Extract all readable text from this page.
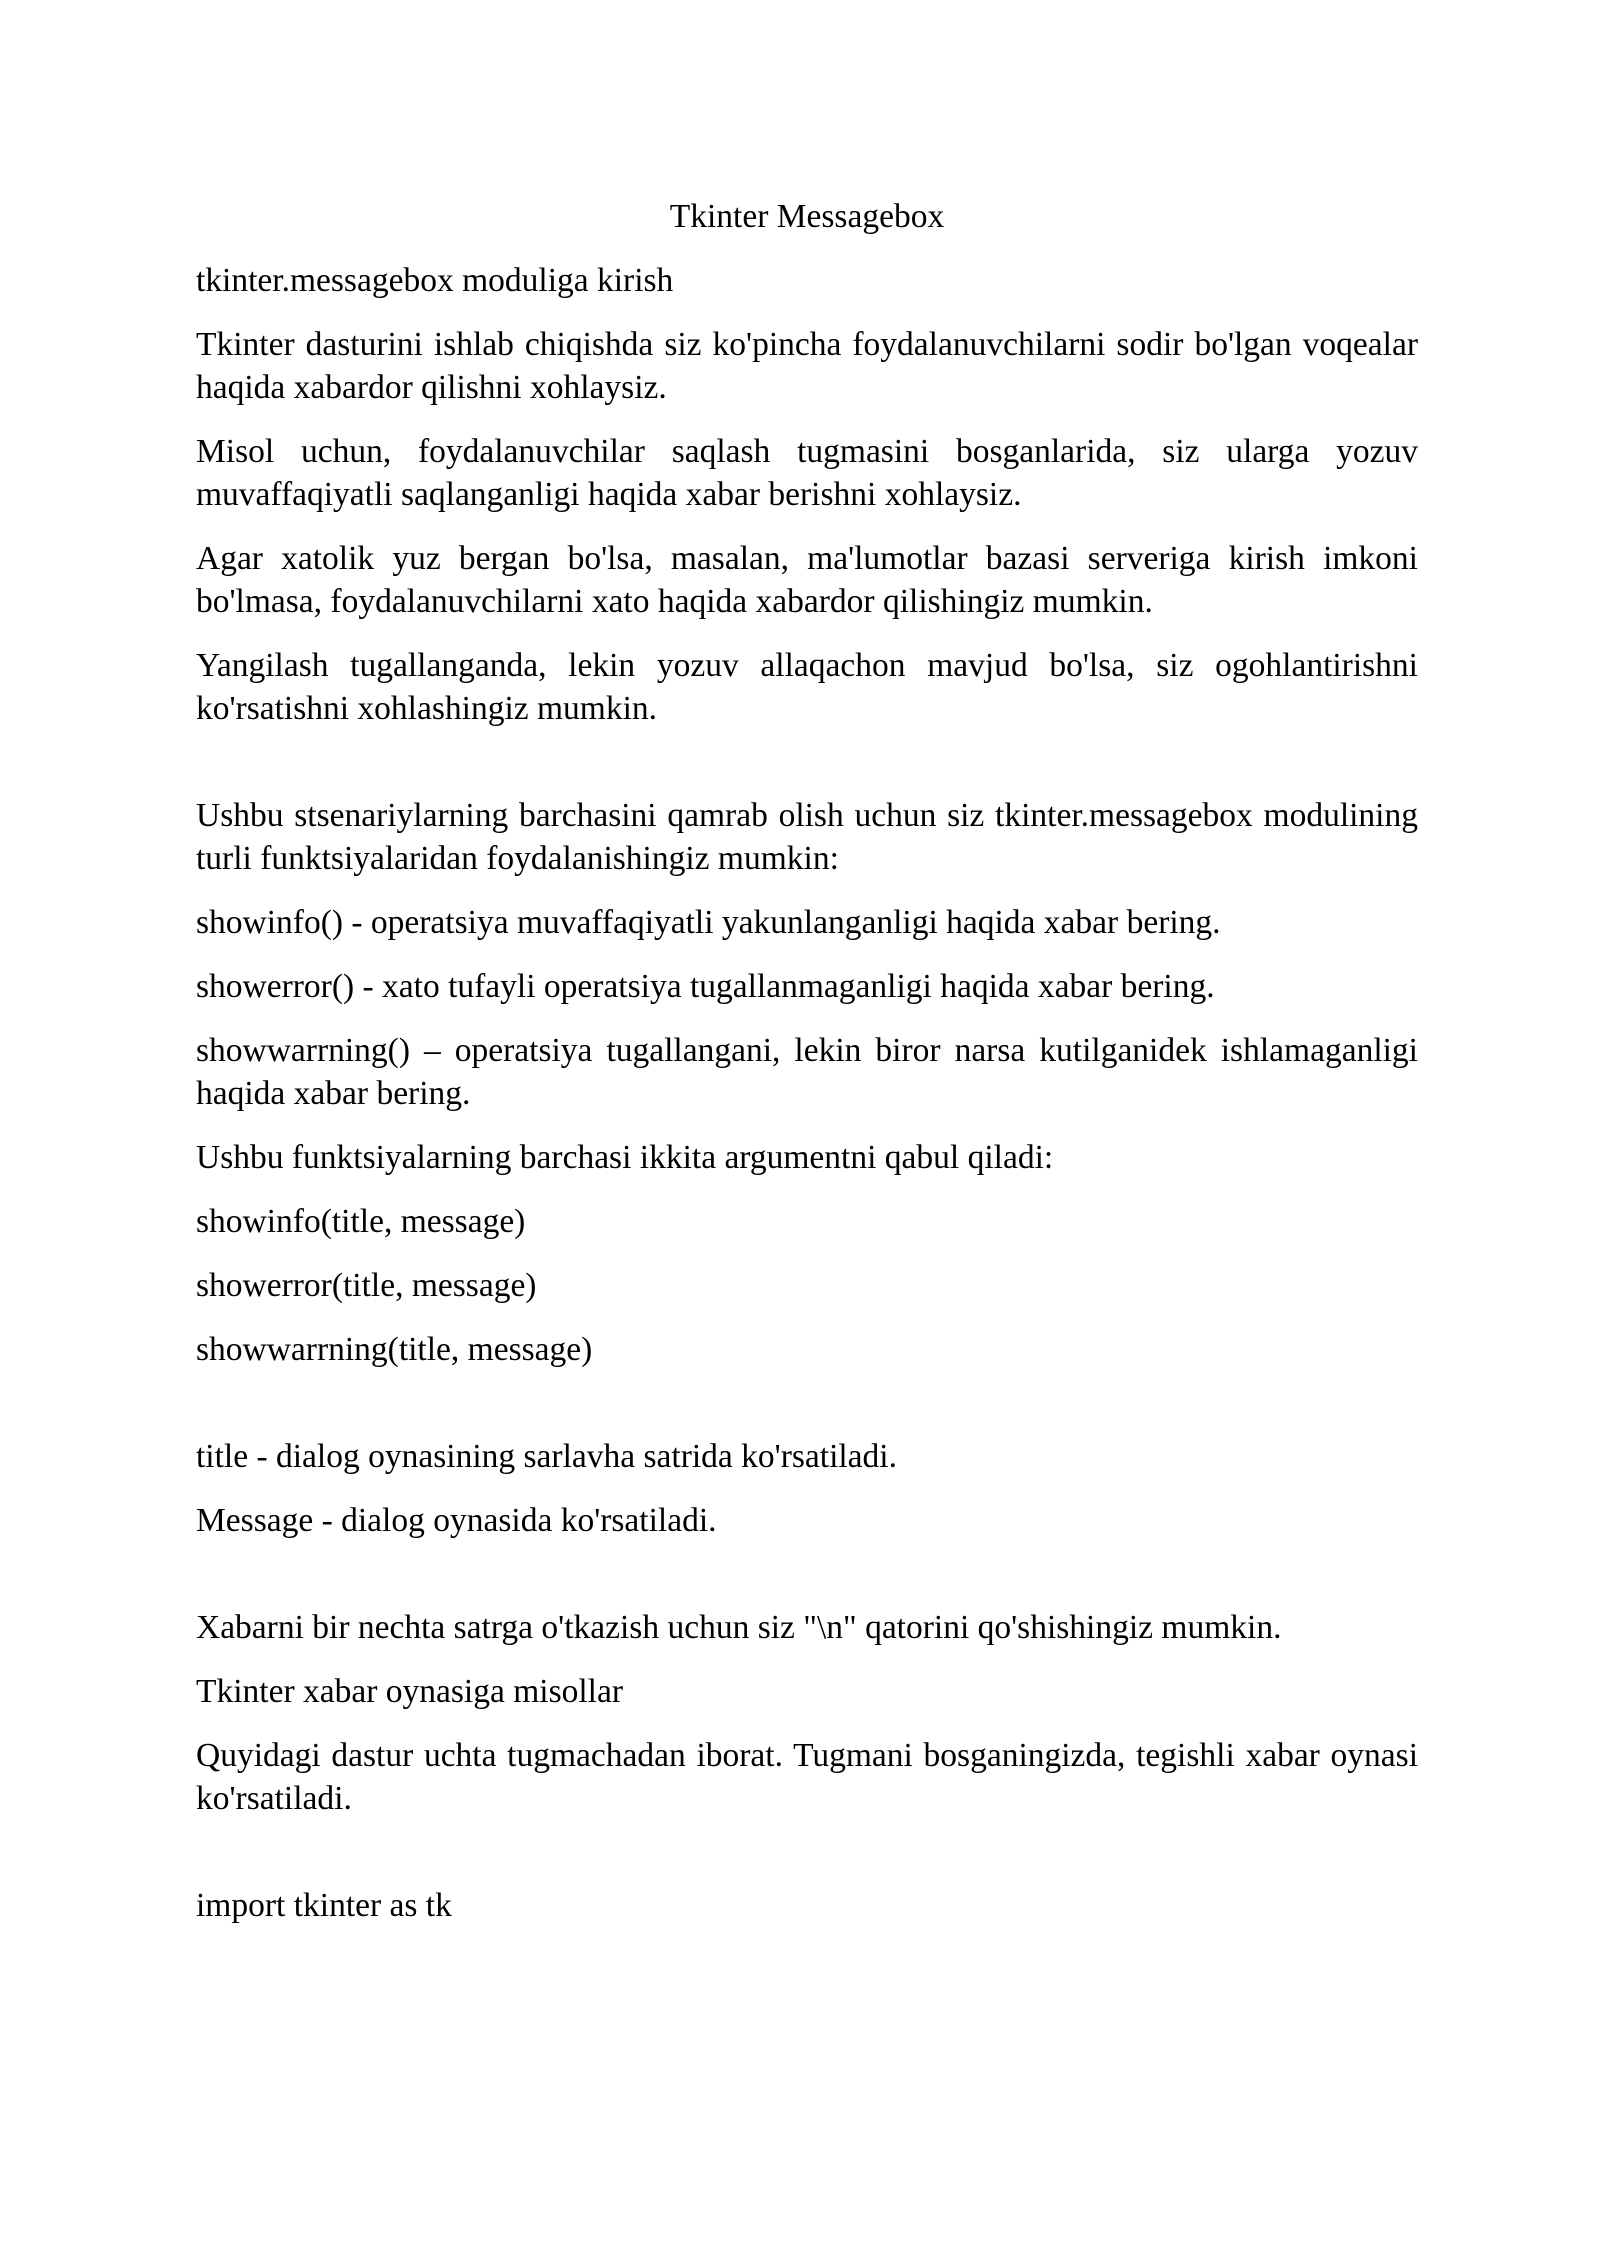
Tkinter Messagebox
tkinter.messagebox moduliga kirish
Tkinter dasturini ishlab chiqishda siz ko'pincha foydalanuvchilarni sodir bo'lgan voqealar haqida xabardor qilishni xohlaysiz.
Misol uchun, foydalanuvchilar saqlash tugmasini bosganlarida, siz ularga yozuv muvaffaqiyatli saqlanganligi haqida xabar berishni xohlaysiz.
Agar xatolik yuz bergan bo'lsa, masalan, ma'lumotlar bazasi serveriga kirish imkoni bo'lmasa, foydalanuvchilarni xato haqida xabardor qilishingiz mumkin.
Yangilash tugallanganda, lekin yozuv allaqachon mavjud bo'lsa, siz ogohlantirishni ko'rsatishni xohlashingiz mumkin.
Ushbu stsenariylarning barchasini qamrab olish uchun siz tkinter.messagebox modulining turli funktsiyalaridan foydalanishingiz mumkin:
showinfo() - operatsiya muvaffaqiyatli yakunlanganligi haqida xabar bering.
showerror() - xato tufayli operatsiya tugallanmaganligi haqida xabar bering.
showwarrning() – operatsiya tugallangani, lekin biror narsa kutilganidek ishlamaganligi haqida xabar bering.
Ushbu funktsiyalarning barchasi ikkita argumentni qabul qiladi:
showinfo(title, message)
showerror(title, message)
showwarrning(title, message)
title - dialog oynasining sarlavha satrida ko'rsatiladi.
Message - dialog oynasida ko'rsatiladi.
Xabarni bir nechta satrga o'tkazish uchun siz "\n" qatorini qo'shishingiz mumkin.
Tkinter xabar oynasiga misollar
Quyidagi dastur uchta tugmachadan iborat. Tugmani bosganingizda, tegishli xabar oynasi ko'rsatiladi.
import tkinter as tk
